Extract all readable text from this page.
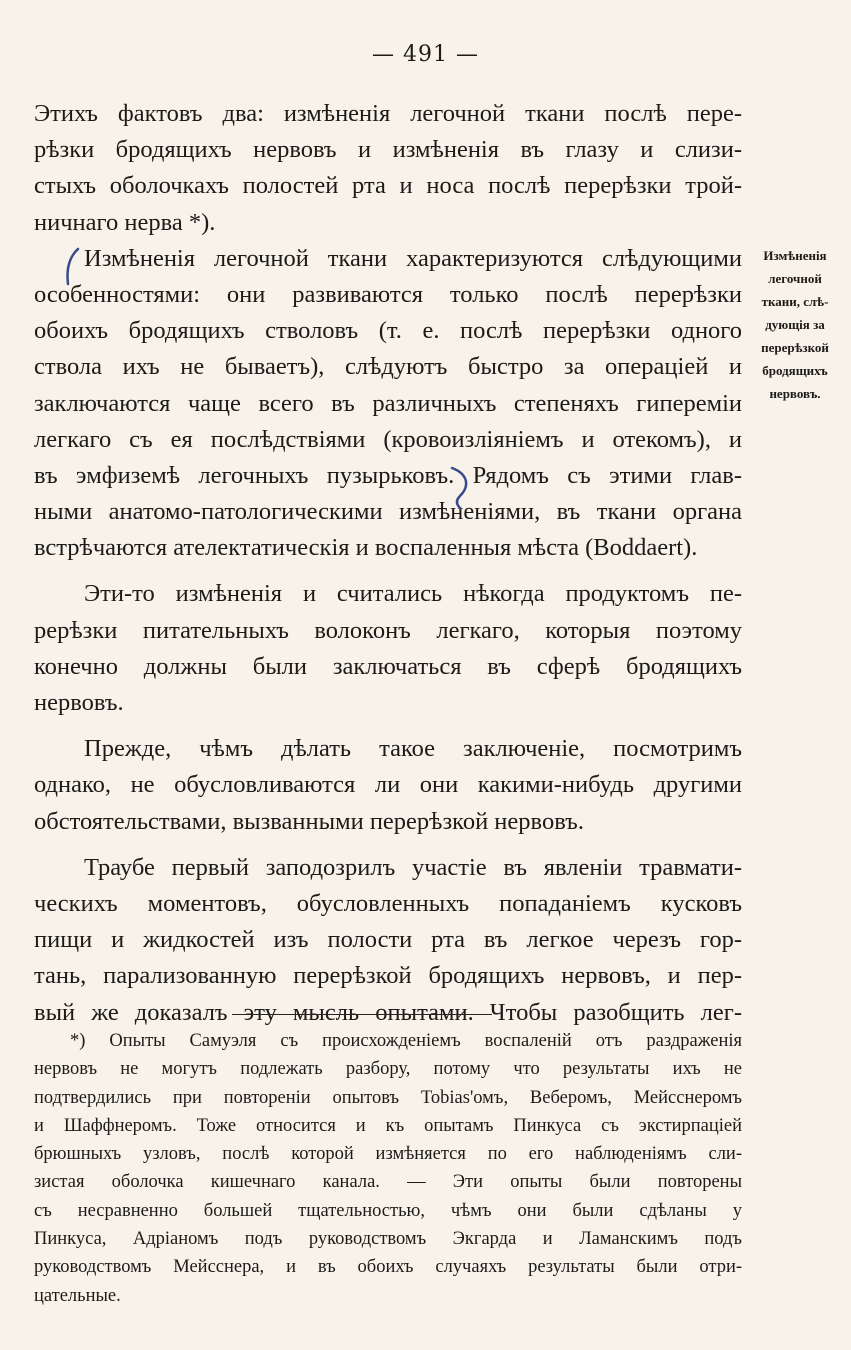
— 491 —
Этихъ фактовъ два: измѣненія легочной ткани послѣ пере-
рѣзки бродящихъ нервовъ и измѣненія въ глазу и слизи-
стыхъ оболочкахъ полостей рта и носа послѣ перерѣзки трой-
ничнаго нерва *).
Измѣненія легочной ткани характеризуются слѣдующими
особенностями: они развиваются только послѣ перерѣзки
обоихъ бродящихъ стволовъ (т. е. послѣ перерѣзки одного
ствола ихъ не бываетъ), слѣдуютъ быстро за операціей и
заключаются чаще всего въ различныхъ степеняхъ гиперемiи
легкаго съ ея послѣдствіями (кровоизліяніемъ и отекомъ), и
въ эмфиземѣ легочныхъ пузырьковъ. Рядомъ съ этими глав-
ными анатомо-патологическими измѣненіями, въ ткани органа
встрѣчаются ателектатическія и воспаленныя мѣста (Boddaert).
Эти-то измѣненія и считались нѣкогда продуктомъ пе-
рерѣзки питательныхъ волоконъ легкаго, которыя поэтому
конечно должны были заключаться въ сферѣ бродящихъ
нервовъ.
Прежде, чѣмъ дѣлать такое заключеніе, посмотримъ
однако, не обусловливаются ли они какими-нибудь другими
обстоятельствами, вызванными перерѣзкой нервовъ.
Траубе первый заподозрилъ участіе въ явленіи травмати-
ческихъ моментовъ, обусловленныхъ попаданіемъ кусковъ
пищи и жидкостей изъ полости рта въ легкое черезъ гор-
тань, парализованную перерѣзкой бродящихъ нервовъ, и пер-
вый же доказалъ эту мысль опытами. Чтобы разобщить лег-
Измѣненія
легочной
ткани, слѣ-
дующія за
перерѣзкой
бродящихъ
нервовъ.
*) Опыты Самуэля съ происхожденіемъ воспаленій отъ раздраженія
нервовъ не могутъ подлежать разбору, потому что результаты ихъ не
подтвердились при повтореніи опытовъ Tobias'омъ, Веберомъ, Мейсснеромъ
и Шаффнеромъ. Тоже относится и къ опытамъ Пинкуса съ экстирпаціей
брюшныхъ узловъ, послѣ которой измѣняется по его наблюденіямъ сли-
зистая оболочка кишечнаго канала. — Эти опыты были повторены
съ несравненно большей тщательностью, чѣмъ они были сдѣланы у
Пинкуса, Адріаномъ подъ руководствомъ Экгарда и Ламанскимъ подъ
руководствомъ Мейсснера, и въ обоихъ случаяхъ результаты были отри-
цательные.
